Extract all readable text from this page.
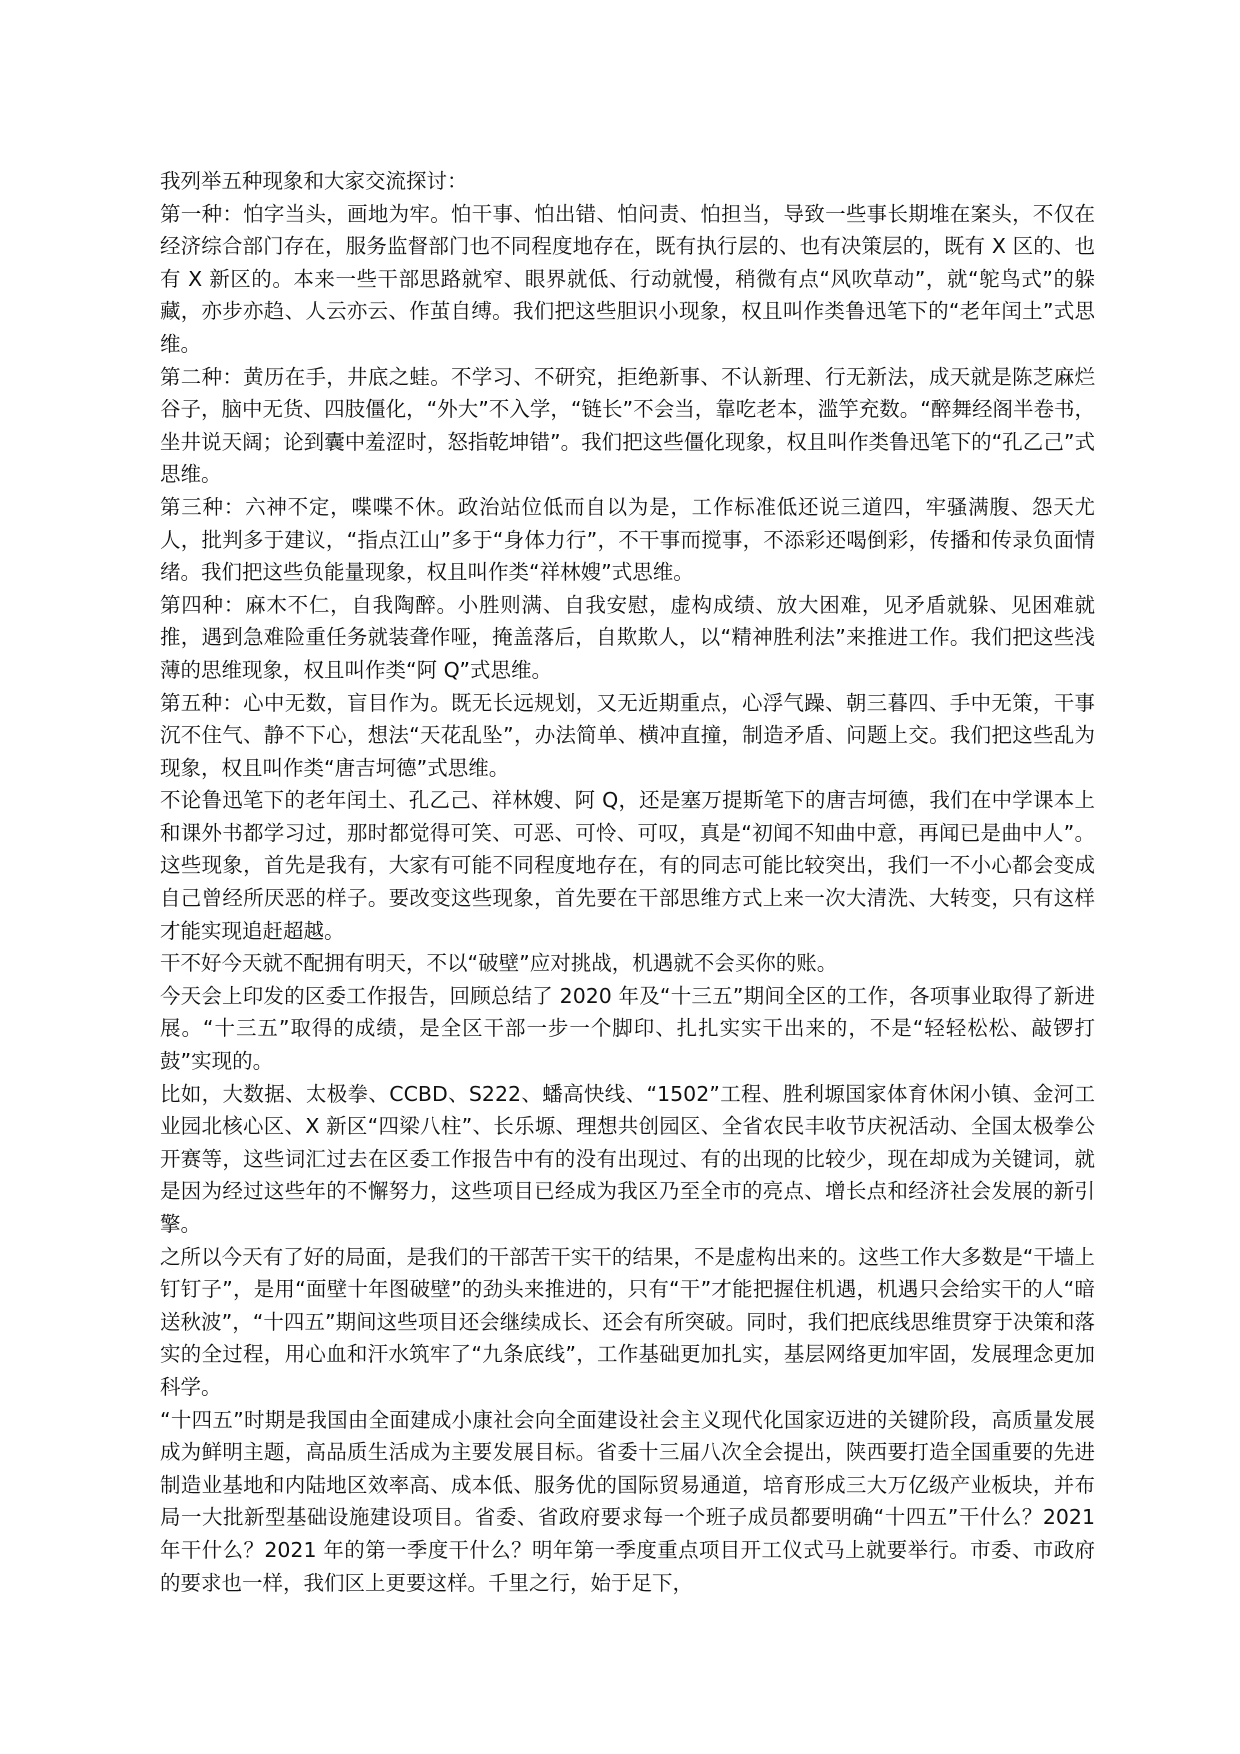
我列举五种现象和大家交流探讨：

第一种：怕字当头，画地为牢。怕干事、怕出错、怕问责、怕担当，导致一些事长期堆在案头，不仅在经济综合部门存在，服务监督部门也不同程度地存在，既有执行层的、也有决策层的，既有 X 区的、也有 X 新区的。本来一些干部思路就窄、眼界就低、行动就慢，稍微有点“风吹草动”，就“鸵鸟式”的躲藏，亦步亦趋、人云亦云、作茧自缚。我们把这些胆识小现象，权且叫作类鲁迅笔下的“老年闰土”式思维。

第二种：黄历在手，井底之蛙。不学习、不研究，拒绝新事、不认新理、行无新法，成天就是陈芝麻烂谷子，脑中无货、四肢僵化，“外大”不入学，“链长”不会当，靠吃老本，滥竽充数。“醉舞经阁半卷书，坐井说天阔；论到囊中羞涩时，怒指乾坤错”。我们把这些僵化现象，权且叫作类鲁迅笔下的“孔乙己”式思维。

第三种：六神不定，喋喋不休。政治站位低而自以为是，工作标准低还说三道四，牢骚满腹、怨天尤人，批判多于建议，“指点江山”多于“身体力行”，不干事而搅事，不添彩还喝倒彩，传播和传录负面情绪。我们把这些负能量现象，权且叫作类“祥林嫂”式思维。

第四种：麻木不仁，自我陶醉。小胜则满、自我安慰，虚构成绩、放大困难，见矛盾就躲、见困难就推，遇到急难险重任务就装聋作哑，掩盖落后，自欺欺人，以“精神胜利法”来推进工作。我们把这些浅薄的思维现象，权且叫作类“阿 Q”式思维。

第五种：心中无数，盲目作为。既无长远规划，又无近期重点，心浮气躁、朝三暮四、手中无策，干事沉不住气、静不下心，想法“天花乱坠”，办法简单、横冲直撞，制造矛盾、问题上交。我们把这些乱为现象，权且叫作类“唐吉坷德”式思维。

不论鲁迅笔下的老年闰土、孔乙己、祥林嫂、阿 Q，还是塞万提斯笔下的唐吉坷德，我们在中学课本上和课外书都学习过，那时都觉得可笑、可恶、可怜、可叹，真是“初闻不知曲中意，再闻已是曲中人”。这些现象，首先是我有，大家有可能不同程度地存在，有的同志可能比较突出，我们一不小心都会变成自己曾经所厌恶的样子。要改变这些现象，首先要在干部思维方式上来一次大清洗、大转变，只有这样才能实现追赶超越。

干不好今天就不配拥有明天，不以“破壁”应对挑战，机遇就不会买你的账。

今天会上印发的区委工作报告，回顾总结了 2020 年及“十三五”期间全区的工作，各项事业取得了新进展。“十三五”取得的成绩，是全区干部一步一个脚印、扎扎实实干出来的，不是“轻轻松松、敲锣打鼓”实现的。

比如，大数据、太极拳、CCBD、S222、蟠高快线、“1502”工程、胜利塬国家体育休闲小镇、金河工业园北核心区、X 新区“四梁八柱”、长乐塬、理想共创园区、全省农民丰收节庆祝活动、全国太极拳公开赛等，这些词汇过去在区委工作报告中有的没有出现过、有的出现的比较少，现在却成为关键词，就是因为经过这些年的不懈努力，这些项目已经成为我区乃至全市的亮点、增长点和经济社会发展的新引擎。

之所以今天有了好的局面，是我们的干部苦干实干的结果，不是虚构出来的。这些工作大多数是“干墙上钉钉子”，是用“面壁十年图破壁”的劲头来推进的，只有“干”才能把握住机遇，机遇只会给实干的人“暗送秋波”，“十四五”期间这些项目还会继续成长、还会有所突破。同时，我们把底线思维贯穿于决策和落实的全过程，用心血和汗水筑牢了“九条底线”，工作基础更加扎实，基层网络更加牢固，发展理念更加科学。

“十四五”时期是我国由全面建成小康社会向全面建设社会主义现代化国家迈进的关键阶段，高质量发展成为鲜明主题，高品质生活成为主要发展目标。省委十三届八次全会提出，陕西要打造全国重要的先进制造业基地和内陆地区效率高、成本低、服务优的国际贸易通道，培育形成三大万亿级产业板块，并布局一大批新型基础设施建设项目。省委、省政府要求每一个班子成员都要明确“十四五”干什么？2021 年干什么？2021 年的第一季度干什么？明年第一季度重点项目开工仪式马上就要举行。市委、市政府的要求也一样，我们区上更要这样。千里之行，始于足下，
